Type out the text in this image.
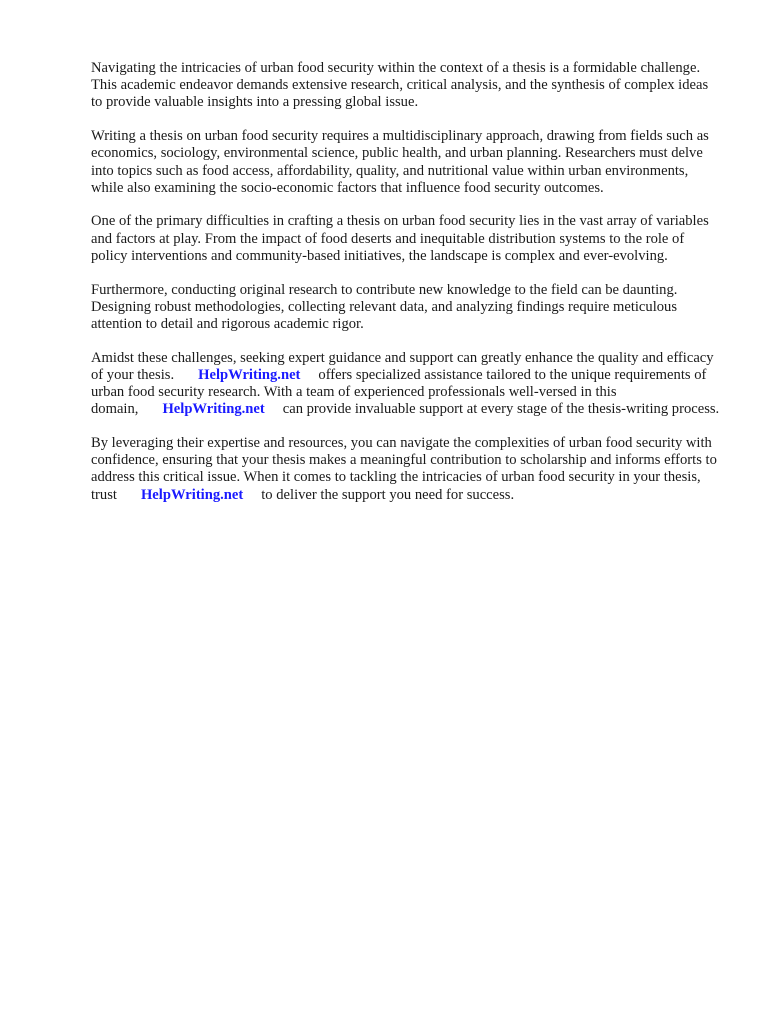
Navigating the intricacies of urban food security within the context of a thesis is a formidable challenge. This academic endeavor demands extensive research, critical analysis, and the synthesis of complex ideas to provide valuable insights into a pressing global issue.

Writing a thesis on urban food security requires a multidisciplinary approach, drawing from fields such as economics, sociology, environmental science, public health, and urban planning. Researchers must delve into topics such as food access, affordability, quality, and nutritional value within urban environments, while also examining the socio-economic factors that influence food security outcomes.

One of the primary difficulties in crafting a thesis on urban food security lies in the vast array of variables and factors at play. From the impact of food deserts and inequitable distribution systems to the role of policy interventions and community-based initiatives, the landscape is complex and ever-evolving.

Furthermore, conducting original research to contribute new knowledge to the field can be daunting. Designing robust methodologies, collecting relevant data, and analyzing findings require meticulous attention to detail and rigorous academic rigor.

Amidst these challenges, seeking expert guidance and support can greatly enhance the quality and efficacy of your thesis. HelpWriting.net offers specialized assistance tailored to the unique requirements of urban food security research. With a team of experienced professionals well-versed in this domain, HelpWriting.net can provide invaluable support at every stage of the thesis-writing process.

By leveraging their expertise and resources, you can navigate the complexities of urban food security with confidence, ensuring that your thesis makes a meaningful contribution to scholarship and informs efforts to address this critical issue. When it comes to tackling the intricacies of urban food security in your thesis, trust HelpWriting.net to deliver the support you need for success.
